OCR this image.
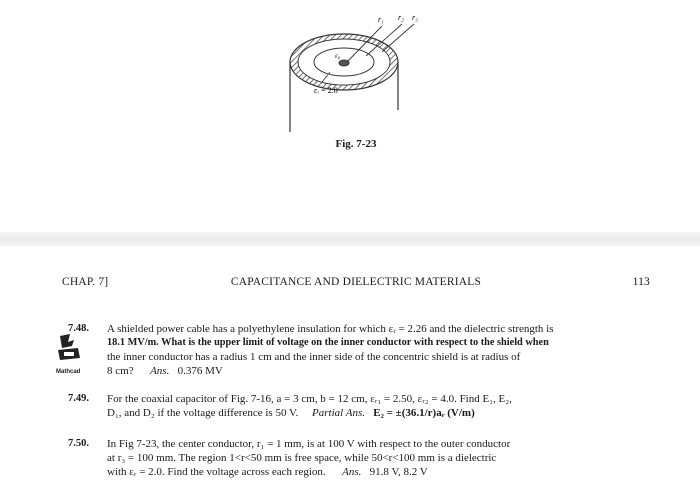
r₁ r₂ r₃
ε₀
εᵣ = 2.0
Fig. 7-23
CHAP. 7]	CAPACITANCE AND DIELECTRIC MATERIALS	113
7.48. A shielded power cable has a polyethylene insulation for which εᵣ = 2.26 and the dielectric strength is
18.1 MV/m. What is the upper limit of voltage on the inner conductor with respect to the shield when
the inner conductor has a radius 1 cm and the inner side of the concentric shield is at radius of
8 cm? Ans. 0.376 MV
Mathcad
7.49. For the coaxial capacitor of Fig. 7-16, a = 3 cm, b = 12 cm, εᵣ₁ = 2.50, εᵣ₂ = 4.0. Find E₁, E₂,
D₁, and D₂ if the voltage difference is 50 V. Partial Ans. E₂ = ±(36.1/r)aᵣ (V/m)
7.50. In Fig 7-23, the center conductor, r₁ = 1 mm, is at 100 V with respect to the outer conductor
at r₃ = 100 mm. The region 1<r<50 mm is free space, while 50<r<100 mm is a dielectric
with εᵣ = 2.0. Find the voltage across each region. Ans. 91.8 V, 8.2 V
